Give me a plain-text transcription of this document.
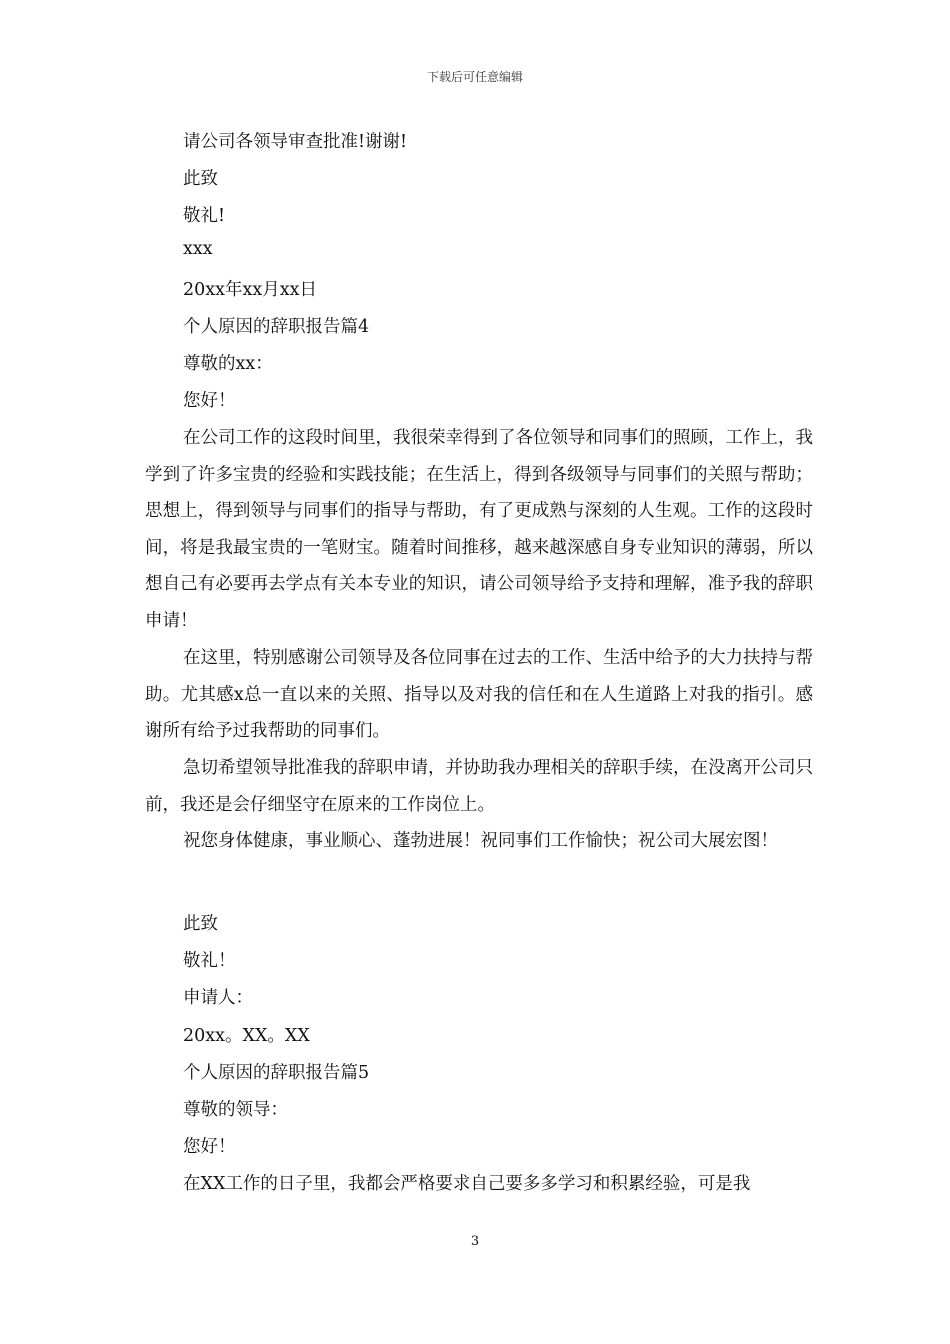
下载后可任意编辑
请公司各领导审查批准!谢谢!
此致
敬礼!
xxx
20xx年xx月xx日
个人原因的辞职报告篇4
尊敬的xx：
您好！

在公司工作的这段时间里，我很荣幸得到了各位领导和同事们的照顾，工作上，我学到了许多宝贵的经验和实践技能；在生活上，得到各级领导与同事们的关照与帮助；思想上，得到领导与同事们的指导与帮助，有了更成熟与深刻的人生观。工作的这段时间，将是我最宝贵的一笔财宝。随着时间推移，越来越深感自身专业知识的薄弱，所以想自己有必要再去学点有关本专业的知识，请公司领导给予支持和理解，准予我的辞职申请！

在这里，特别感谢公司领导及各位同事在过去的工作、生活中给予的大力扶持与帮助。尤其感x总一直以来的关照、指导以及对我的信任和在人生道路上对我的指引。感谢所有给予过我帮助的同事们。

急切希望领导批准我的辞职申请，并协助我办理相关的辞职手续，在没离开公司只前，我还是会仔细坚守在原来的工作岗位上。

祝您身体健康，事业顺心、蓬勃进展！祝同事们工作愉快；祝公司大展宏图！

此致
敬礼！
申请人：
20xx。XX。XX
个人原因的辞职报告篇5
尊敬的领导：
您好！
在XX工作的日子里，我都会严格要求自己要多多学习和积累经验，可是我
3
